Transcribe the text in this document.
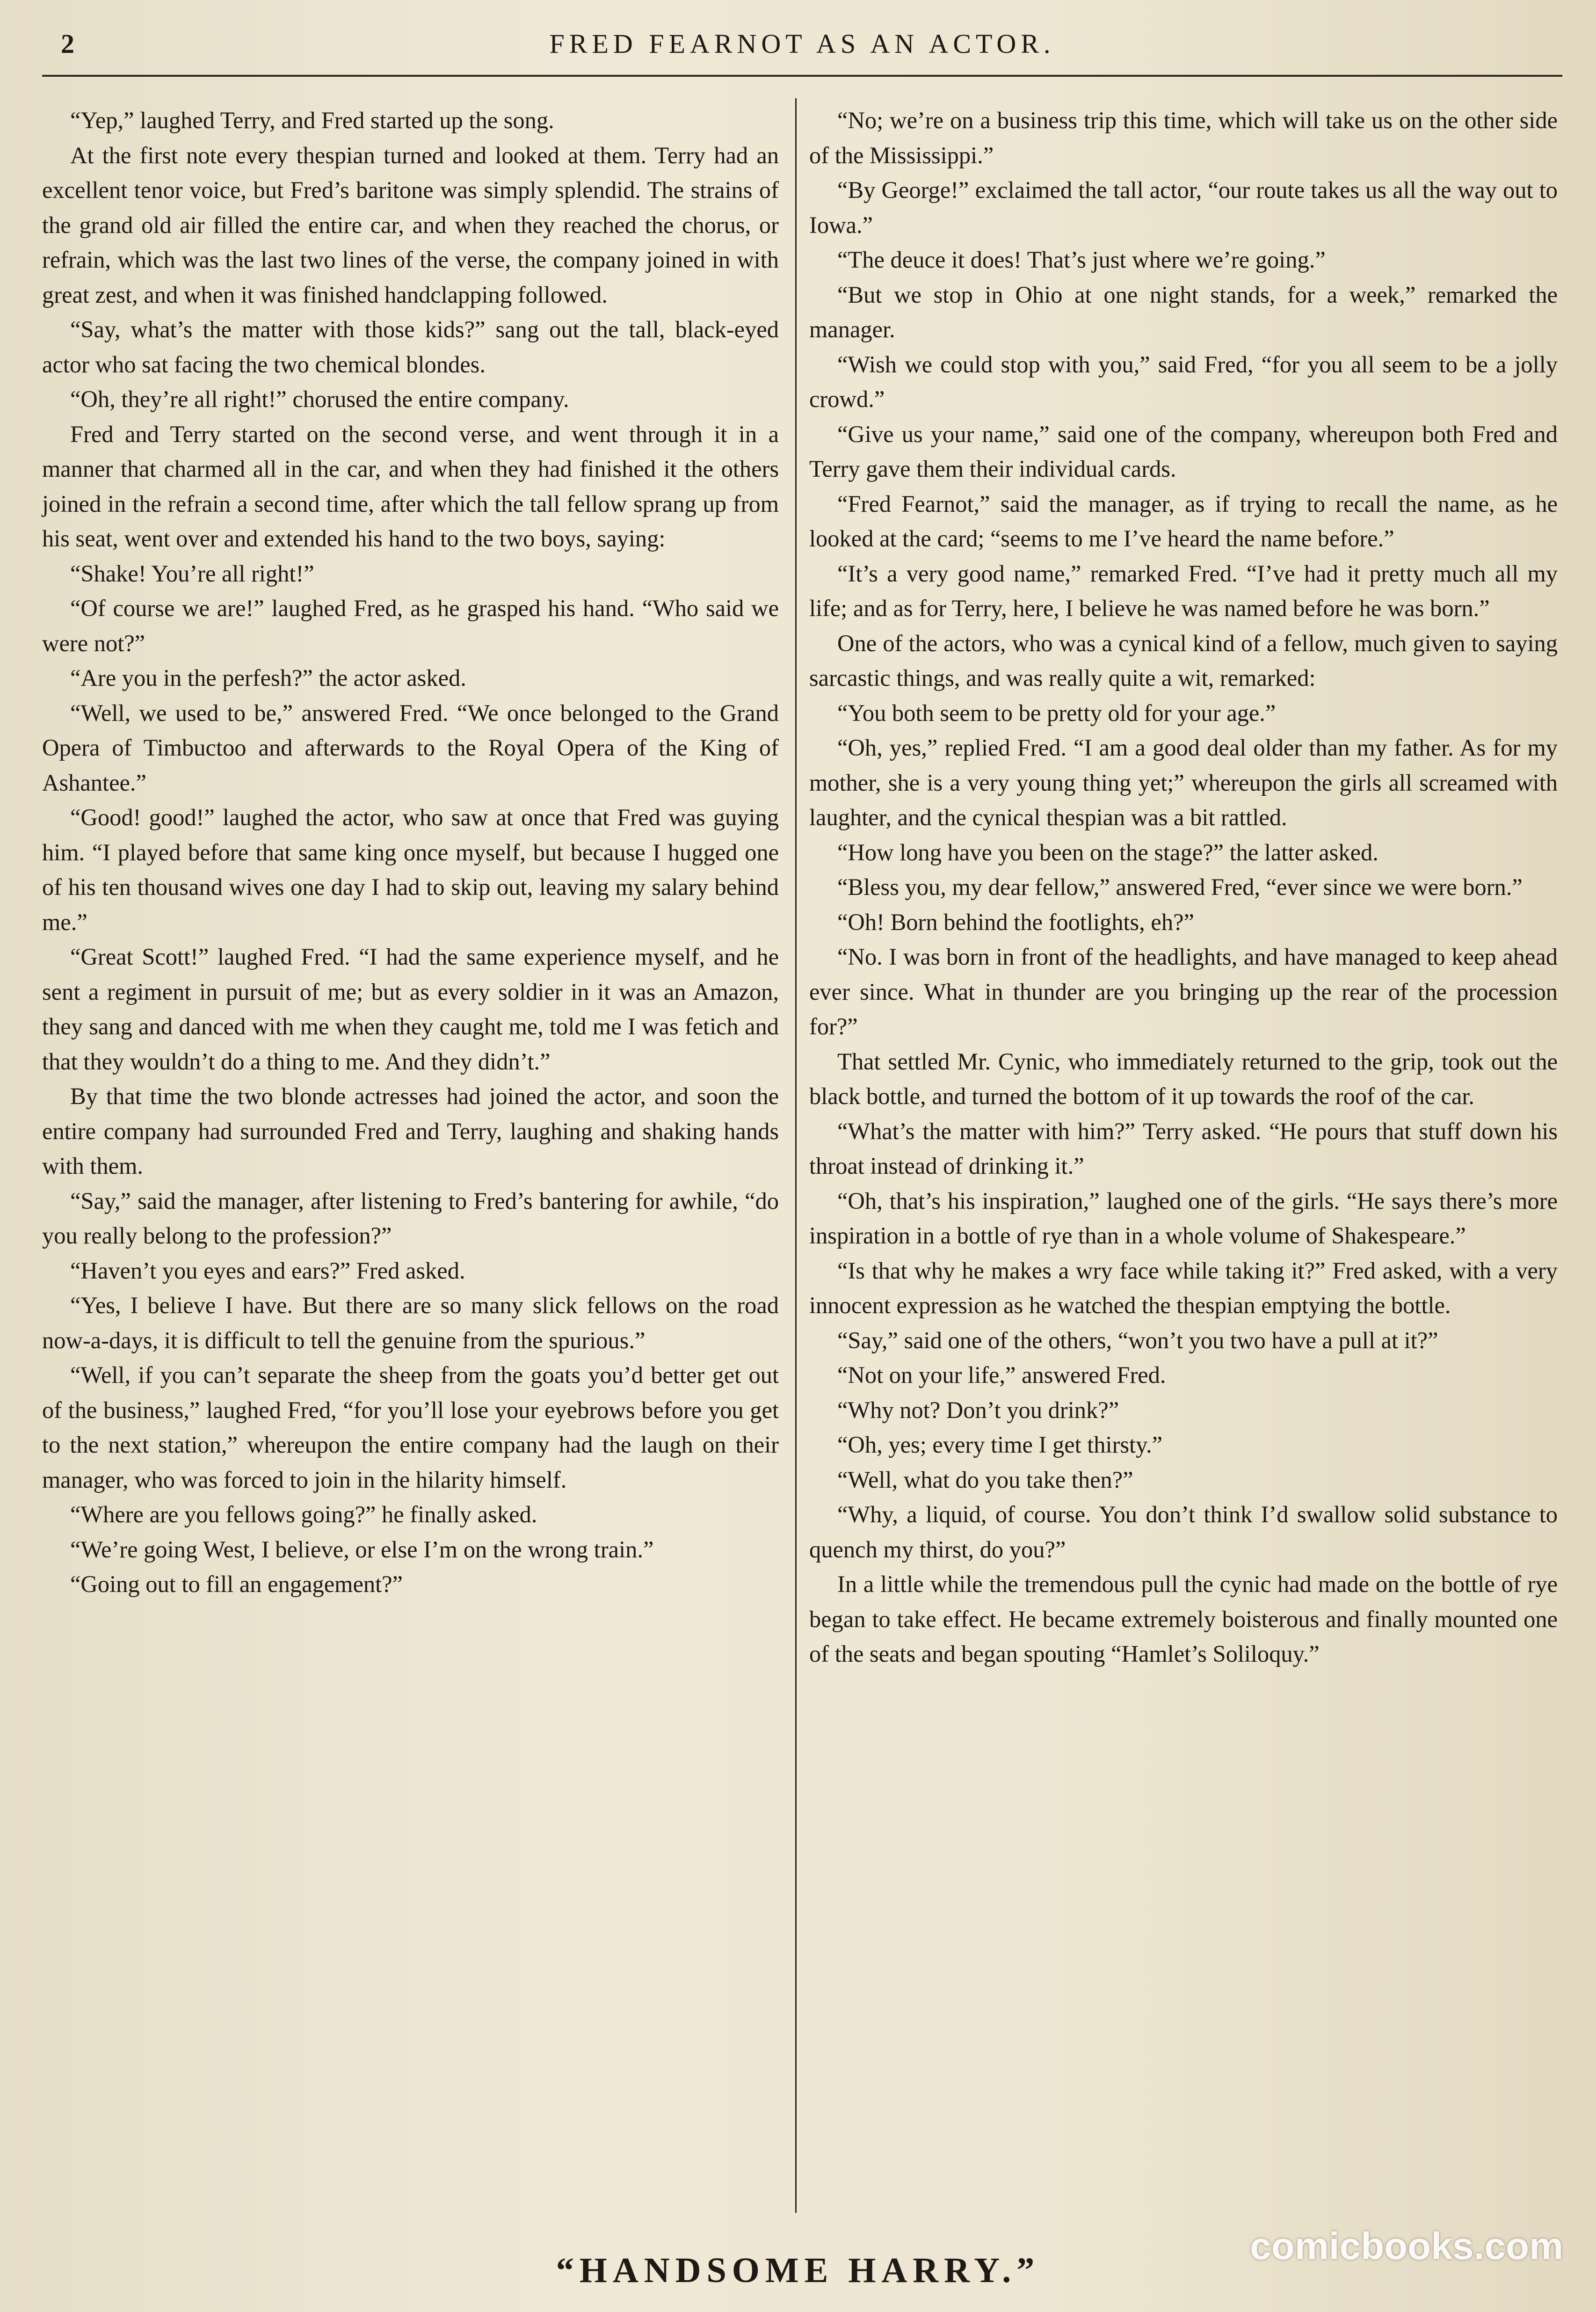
2	FRED FEARNOT AS AN ACTOR.

“Yep,” laughed Terry, and Fred started up the song.

At the first note every thespian turned and looked at them. Terry had an excellent tenor voice, but Fred’s baritone was simply splendid. The strains of the grand old air filled the entire car, and when they reached the chorus, or refrain, which was the last two lines of the verse, the company joined in with great zest, and when it was finished handclapping followed.

“Say, what’s the matter with those kids?” sang out the tall, black-eyed actor who sat facing the two chemical blondes.

“Oh, they’re all right!” chorused the entire company.

Fred and Terry started on the second verse, and went through it in a manner that charmed all in the car, and when they had finished it the others joined in the refrain a second time, after which the tall fellow sprang up from his seat, went over and extended his hand to the two boys, saying:

“Shake! You’re all right!”

“Of course we are!” laughed Fred, as he grasped his hand. “Who said we were not?”

“Are you in the perfesh?” the actor asked.

“Well, we used to be,” answered Fred. “We once belonged to the Grand Opera of Timbuctoo and afterwards to the Royal Opera of the King of Ashantee.”

“Good! good!” laughed the actor, who saw at once that Fred was guying him. “I played before that same king once myself, but because I hugged one of his ten thousand wives one day I had to skip out, leaving my salary behind me.”

“Great Scott!” laughed Fred. “I had the same experience myself, and he sent a regiment in pursuit of me; but as every soldier in it was an Amazon, they sang and danced with me when they caught me, told me I was fetich and that they wouldn’t do a thing to me. And they didn’t.”

By that time the two blonde actresses had joined the actor, and soon the entire company had surrounded Fred and Terry, laughing and shaking hands with them.

“Say,” said the manager, after listening to Fred’s bantering for awhile, “do you really belong to the profession?”

“Haven’t you eyes and ears?” Fred asked.

“Yes, I believe I have. But there are so many slick fellows on the road now-a-days, it is difficult to tell the genuine from the spurious.”

“Well, if you can’t separate the sheep from the goats you’d better get out of the business,” laughed Fred, “for you’ll lose your eyebrows before you get to the next station,” whereupon the entire company had the laugh on their manager, who was forced to join in the hilarity himself.

“Where are you fellows going?” he finally asked.

“We’re going West, I believe, or else I’m on the wrong train.”

“Going out to fill an engagement?”

“No; we’re on a business trip this time, which will take us on the other side of the Mississippi.”

“By George!” exclaimed the tall actor, “our route takes us all the way out to Iowa.”

“The deuce it does! That’s just where we’re going.”

“But we stop in Ohio at one night stands, for a week,” remarked the manager.

“Wish we could stop with you,” said Fred, “for you all seem to be a jolly crowd.”

“Give us your name,” said one of the company, whereupon both Fred and Terry gave them their individual cards.

“Fred Fearnot,” said the manager, as if trying to recall the name, as he looked at the card; “seems to me I’ve heard the name before.”

“It’s a very good name,” remarked Fred. “I’ve had it pretty much all my life; and as for Terry, here, I believe he was named before he was born.”

One of the actors, who was a cynical kind of a fellow, much given to saying sarcastic things, and was really quite a wit, remarked:

“You both seem to be pretty old for your age.”

“Oh, yes,” replied Fred. “I am a good deal older than my father. As for my mother, she is a very young thing yet;” whereupon the girls all screamed with laughter, and the cynical thespian was a bit rattled.

“How long have you been on the stage?” the latter asked.

“Bless you, my dear fellow,” answered Fred, “ever since we were born.”

“Oh! Born behind the footlights, eh?”

“No. I was born in front of the headlights, and have managed to keep ahead ever since. What in thunder are you bringing up the rear of the procession for?”

That settled Mr. Cynic, who immediately returned to the grip, took out the black bottle, and turned the bottom of it up towards the roof of the car.

“What’s the matter with him?” Terry asked. “He pours that stuff down his throat instead of drinking it.”

“Oh, that’s his inspiration,” laughed one of the girls. “He says there’s more inspiration in a bottle of rye than in a whole volume of Shakespeare.”

“Is that why he makes a wry face while taking it?” Fred asked, with a very innocent expression as he watched the thespian emptying the bottle.

“Say,” said one of the others, “won’t you two have a pull at it?”

“Not on your life,” answered Fred.

“Why not? Don’t you drink?”

“Oh, yes; every time I get thirsty.”

“Well, what do you take then?”

“Why, a liquid, of course. You don’t think I’d swallow solid substance to quench my thirst, do you?”

In a little while the tremendous pull the cynic had made on the bottle of rye began to take effect. He became extremely boisterous and finally mounted one of the seats and began spouting “Hamlet’s Soliloquy.”

“HANDSOME HARRY.”
comicbooks.com
